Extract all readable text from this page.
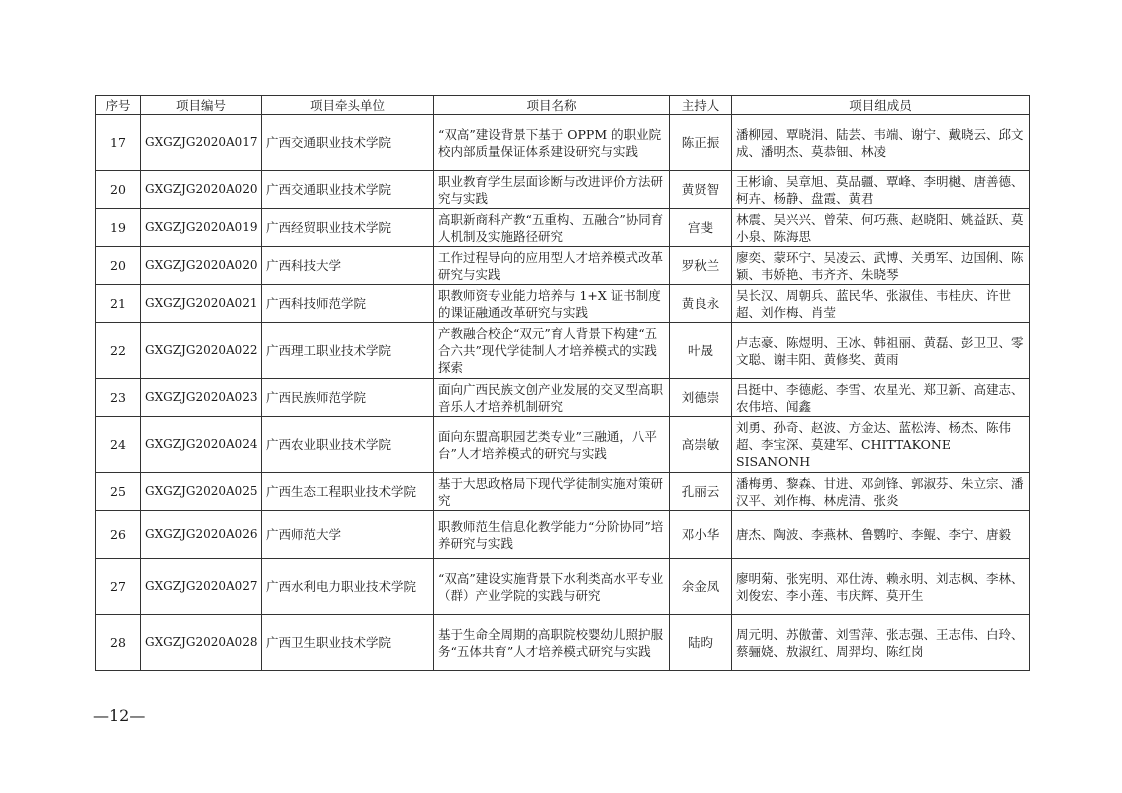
序号	项目编号	项目牵头单位	项目名称	主持人	项目组成员
17	GXGZJG2020A017	广西交通职业技术学院	“双高”建设背景下基于 OPPM 的职业院校内部质量保证体系建设研究与实践	陈正振	潘柳园、覃晓涓、陆芸、韦端、谢宁、戴晓云、邱文成、潘明杰、莫恭钿、林凌
20	GXGZJG2020A020	广西交通职业技术学院	职业教育学生层面诊断与改进评价方法研究与实践	黄贤智	王彬谕、吴章旭、莫品疆、覃峰、李明樾、唐善德、柯卉、杨静、盘霞、黄君
19	GXGZJG2020A019	广西经贸职业技术学院	高职新商科产教“五重构、五融合”协同育人机制及实施路径研究	宫斐	林震、吴兴兴、曾荣、何巧燕、赵晓阳、姚益跃、莫小泉、陈海思
20	GXGZJG2020A020	广西科技大学	工作过程导向的应用型人才培养模式改革研究与实践	罗秋兰	廖奕、蒙环宁、吴凌云、武博、关勇军、边国俐、陈颖、韦娇艳、韦齐齐、朱晓琴
21	GXGZJG2020A021	广西科技师范学院	职教师资专业能力培养与 1+X 证书制度的课证融通改革研究与实践	黄良永	吴长汉、周朝兵、蓝民华、张淑佳、韦桂庆、许世超、刘作梅、肖莹
22	GXGZJG2020A022	广西理工职业技术学院	产教融合校企“双元”育人背景下构建“五合六共”现代学徒制人才培养模式的实践探索	叶晟	卢志豪、陈煜明、王冰、韩祖丽、黄磊、彭卫卫、零文聪、谢丰阳、黄修奖、黄雨
23	GXGZJG2020A023	广西民族师范学院	面向广西民族文创产业发展的交叉型高职音乐人才培养机制研究	刘德崇	吕挺中、李德彪、李雪、农星光、郑卫新、高建志、农伟培、闻鑫
24	GXGZJG2020A024	广西农业职业技术学院	面向东盟高职园艺类专业”三融通，八平台”人才培养模式的研究与实践	高崇敏	刘勇、孙奇、赵波、方金达、蓝松涛、杨杰、陈伟超、李宝深、莫建军、CHITTAKONE SISANONH
25	GXGZJG2020A025	广西生态工程职业技术学院	基于大思政格局下现代学徒制实施对策研究	孔丽云	潘梅勇、黎森、甘进、邓剑锋、郭淑芬、朱立宗、潘汉平、刘作梅、林虎清、张炎
26	GXGZJG2020A026	广西师范大学	职教师范生信息化教学能力“分阶协同”培养研究与实践	邓小华	唐杰、陶波、李燕林、鲁鹦咛、李鲲、李宁、唐毅
27	GXGZJG2020A027	广西水利电力职业技术学院	“双高”建设实施背景下水利类高水平专业（群）产业学院的实践与研究	余金凤	廖明菊、张宪明、邓仕涛、赖永明、刘志枫、李林、刘俊宏、李小莲、韦庆辉、莫开生
28	GXGZJG2020A028	广西卫生职业技术学院	基于生命全周期的高职院校婴幼儿照护服务“五体共育”人才培养模式研究与实践	陆昀	周元明、苏傲蕾、刘雪萍、张志强、王志伟、白玲、蔡骊娆、敖淑红、周羿均、陈红岗
—12—
